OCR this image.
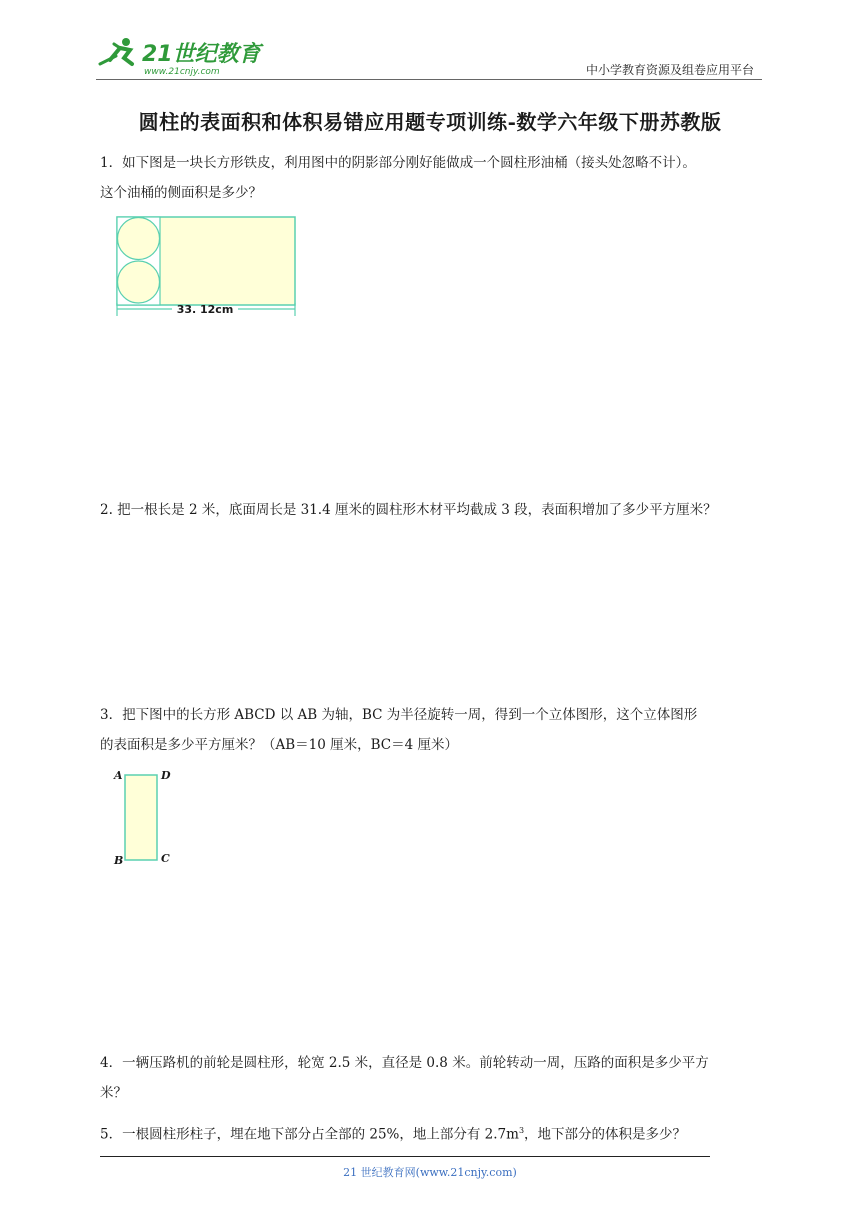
21世纪教育
www.21cnjy.com	中小学教育资源及组卷应用平台
圆柱的表面积和体积易错应用题专项训练-数学六年级下册苏教版
1．如下图是一块长方形铁皮，利用图中的阴影部分刚好能做成一个圆柱形油桶（接头处忽略不计）。
这个油桶的侧面积是多少？
33. 12cm
2. 把一根长是 2 米，底面周长是 31.4 厘米的圆柱形木材平均截成 3 段，表面积增加了多少平方厘米？
3．把下图中的长方形 ABCD 以 AB 为轴，BC 为半径旋转一周，得到一个立体图形，这个立体图形
的表面积是多少平方厘米？（AB＝10 厘米，BC＝4 厘米）
A	D
B	C
4．一辆压路机的前轮是圆柱形，轮宽 2.5 米，直径是 0.8 米。前轮转动一周，压路的面积是多少平方
米？
5．一根圆柱形柱子，埋在地下部分占全部的 25%，地上部分有 $2.7m^3$，地下部分的体积是多少？
21 世纪教育网(www.21cnjy.com)
